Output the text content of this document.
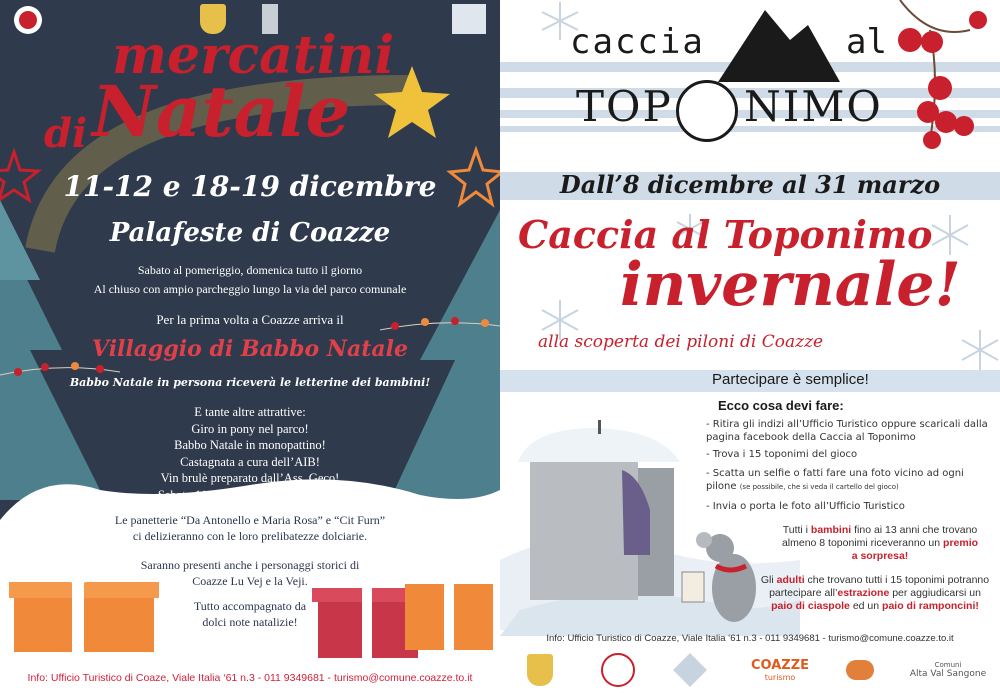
mercatini
di Natale
11-12 e 18-19 dicembre
Palafeste di Coazze
Sabato al pomeriggio, domenica tutto il giorno
Al chiuso con ampio parcheggio lungo la via del parco comunale
Per la prima volta a Coazze arriva il
Villaggio di Babbo Natale
Babbo Natale in persona riceverà le letterine dei bambini!
E tante altre attrattive:
Giro in pony nel parco!
Babbo Natale in monopattino!
Castagnata a cura dell’AIB!
Vin brulè preparato dall’Ass. Geco!
Sabato 11 ci sarà anche una “renna”!
Le panetterie “Da Antonello e Maria Rosa” e “Cit Furn”
ci delizieranno con le loro prelibatezze dolciarie.
Saranno presenti anche i personaggi storici di
Coazze Lu Vej e la Veji.
Tutto accompagnato da
dolci note natalizie!
Info: Ufficio Turistico di Coaze, Viale Italia ‘61 n.3 - 011 9349681 - turismo@comune.coazze.to.it
caccia	al
TOP NIMO
Dall’8 dicembre al 31 marzo
Caccia al Toponimo
invernale!
alla scoperta dei piloni di Coazze
Partecipare è semplice!
Ecco cosa devi fare:
- Ritira gli indizi all’Ufficio Turistico oppure scaricali dalla pagina facebook della Caccia al Toponimo
- Trova i 15 toponimi del gioco
- Scatta un selfie o fatti fare una foto vicino ad ogni pilone (se possibile, che si veda il cartello del gioco)
- Invia o porta le foto all’Ufficio Turistico
Tutti i bambini fino ai 13 anni che trovano almeno 8 toponimi riceveranno un premio a sorpresa!
Gli adulti che trovano tutti i 15 toponimi potranno partecipare all’estrazione per aggiudicarsi un paio di ciaspole ed un paio di ramponcini!
Info: Ufficio Turistico di Coazze, Viale Italia ‘61 n.3 - 011 9349681 - turismo@comune.coazze.to.it
COAZZE
turismo
Comuni
Alta Val Sangone
